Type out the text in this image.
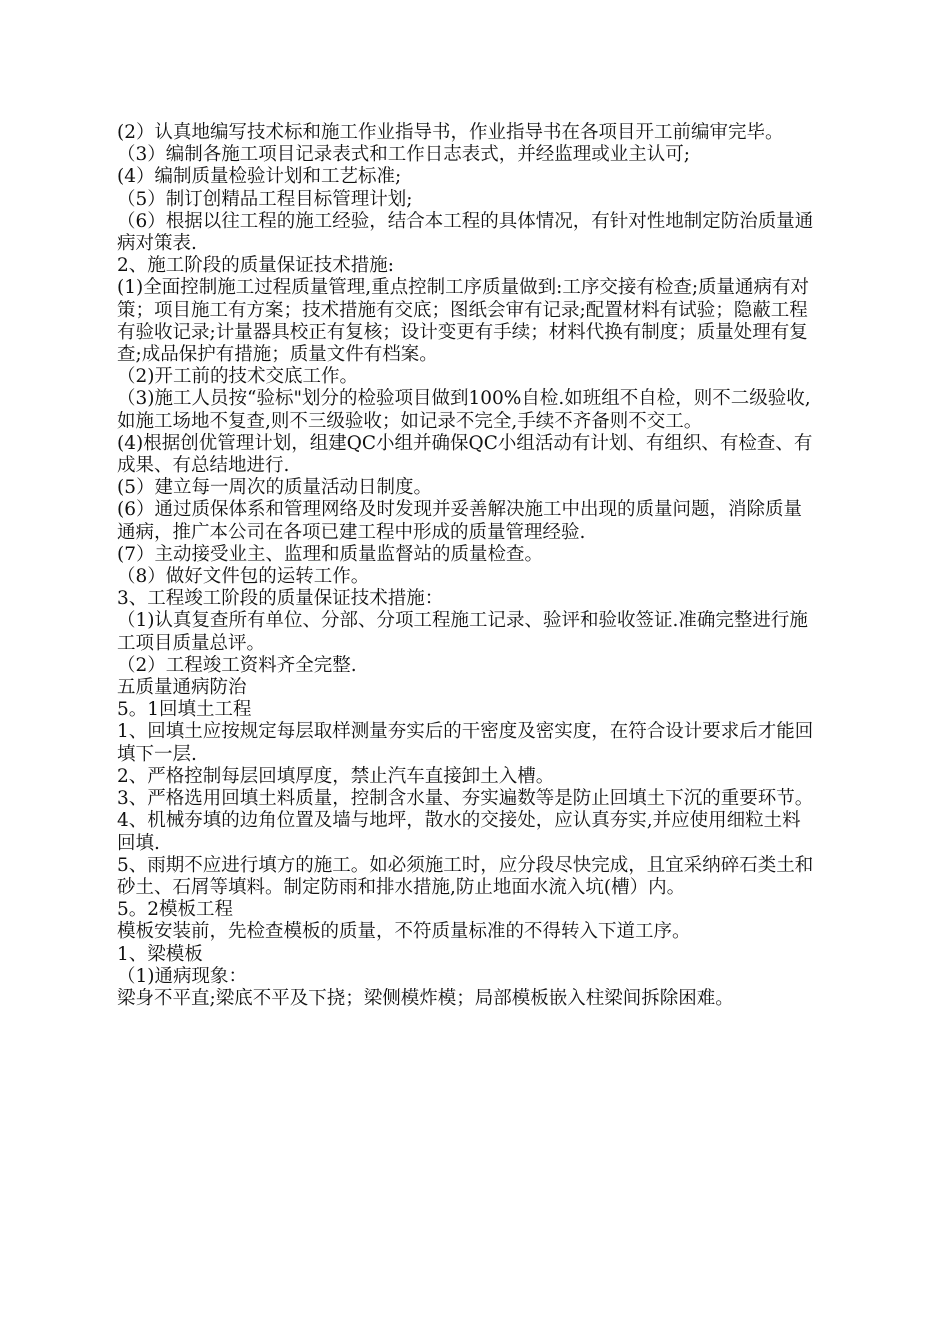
(2）认真地编写技术标和施工作业指导书，作业指导书在各项目开工前编审完毕。

（3）编制各施工项目记录表式和工作日志表式，并经监理或业主认可;

(4）编制质量检验计划和工艺标准;

（5）制订创精品工程目标管理计划;

（6）根据以往工程的施工经验，结合本工程的具体情况，有针对性地制定防治质量通病对策表.

2、施工阶段的质量保证技术措施:

(1)全面控制施工过程质量管理,重点控制工序质量做到:工序交接有检查;质量通病有对策；项目施工有方案；技术措施有交底；图纸会审有记录;配置材料有试验；隐蔽工程有验收记录;计量器具校正有复核；设计变更有手续；材料代换有制度；质量处理有复查;成品保护有措施；质量文件有档案。

（2)开工前的技术交底工作。

（3)施工人员按“验标"划分的检验项目做到100%自检.如班组不自检，则不二级验收,如施工场地不复查,则不三级验收；如记录不完全,手续不齐备则不交工。

(4)根据创优管理计划，组建QC小组并确保QC小组活动有计划、有组织、有检查、有成果、有总结地进行.

(5）建立每一周次的质量活动日制度。

(6）通过质保体系和管理网络及时发现并妥善解决施工中出现的质量问题，消除质量通病，推广本公司在各项已建工程中形成的质量管理经验.

(7）主动接受业主、监理和质量监督站的质量检查。

（8）做好文件包的运转工作。

3、工程竣工阶段的质量保证技术措施：

（1)认真复查所有单位、分部、分项工程施工记录、验评和验收签证.准确完整进行施工项目质量总评。

（2）工程竣工资料齐全完整.

五质量通病防治

5。1回填土工程

1、回填土应按规定每层取样测量夯实后的干密度及密实度，在符合设计要求后才能回填下一层.

2、严格控制每层回填厚度，禁止汽车直接卸土入槽。

3、严格选用回填土料质量，控制含水量、夯实遍数等是防止回填土下沉的重要环节。

4、机械夯填的边角位置及墙与地坪，散水的交接处，应认真夯实,并应使用细粒土料回填.

5、雨期不应进行填方的施工。如必须施工时，应分段尽快完成，且宜采纳碎石类土和砂土、石屑等填料。制定防雨和排水措施,防止地面水流入坑(槽）内。

5。2模板工程

模板安装前，先检查模板的质量，不符质量标准的不得转入下道工序。

1、梁模板

（1)通病现象：

梁身不平直;梁底不平及下挠；梁侧模炸模；局部模板嵌入柱梁间拆除困难。
